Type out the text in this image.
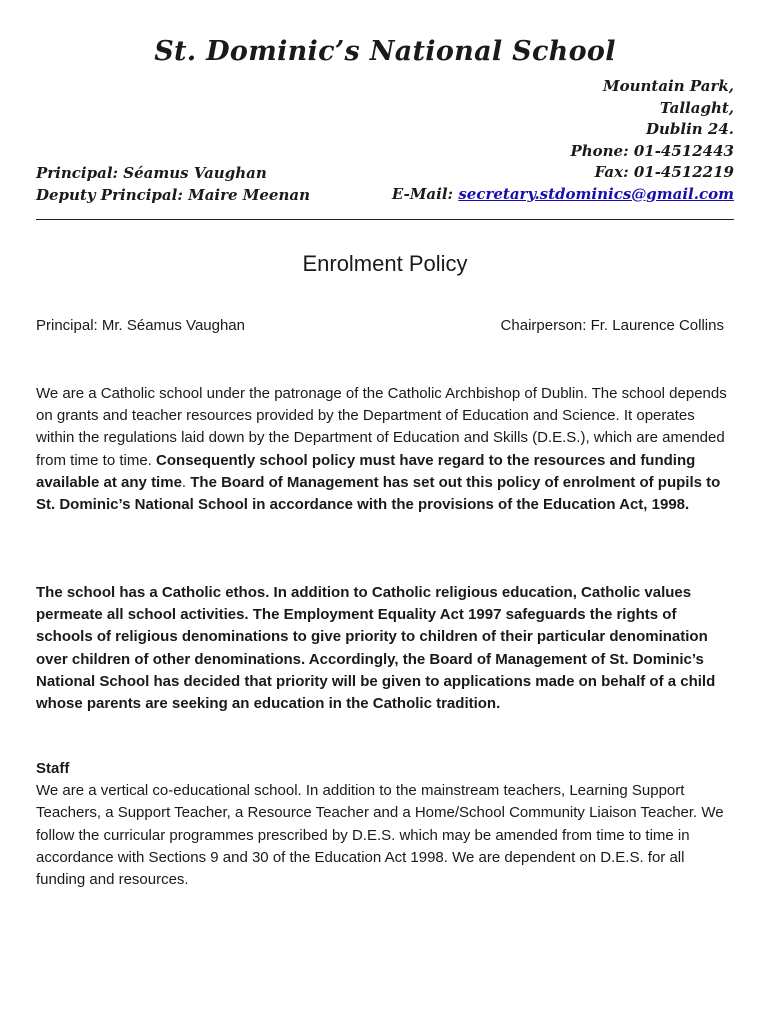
St. Dominic’s National School
Mountain Park,
Tallaght,
Dublin 24.
Phone: 01-4512443
Fax: 01-4512219
E-Mail: secretary.stdominics@gmail.com
Principal: Séamus Vaughan
Deputy Principal: Maire Meenan
Enrolment Policy
Principal: Mr. Séamus Vaughan	Chairperson: Fr. Laurence Collins

We are a Catholic school under the patronage of the Catholic Archbishop of Dublin. The school depends on grants and teacher resources provided by the Department of Education and Science. It operates within the regulations laid down by the Department of Education and Skills (D.E.S.), which are amended from time to time. Consequently school policy must have regard to the resources and funding available at any time. The Board of Management has set out this policy of enrolment of pupils to St. Dominic’s National School in accordance with the provisions of the Education Act, 1998.

The school has a Catholic ethos. In addition to Catholic religious education, Catholic values permeate all school activities. The Employment Equality Act 1997 safeguards the rights of schools of religious denominations to give priority to children of their particular denomination over children of other denominations. Accordingly, the Board of Management of St. Dominic’s National School has decided that priority will be given to applications made on behalf of a child whose parents are seeking an education in the Catholic tradition.

Staff
We are a vertical co-educational school. In addition to the mainstream teachers, Learning Support Teachers, a Support Teacher, a Resource Teacher and a Home/School Community Liaison Teacher. We follow the curricular programmes prescribed by D.E.S. which may be amended from time to time in accordance with Sections 9 and 30 of the Education Act 1998. We are dependent on D.E.S. for all funding and resources.
